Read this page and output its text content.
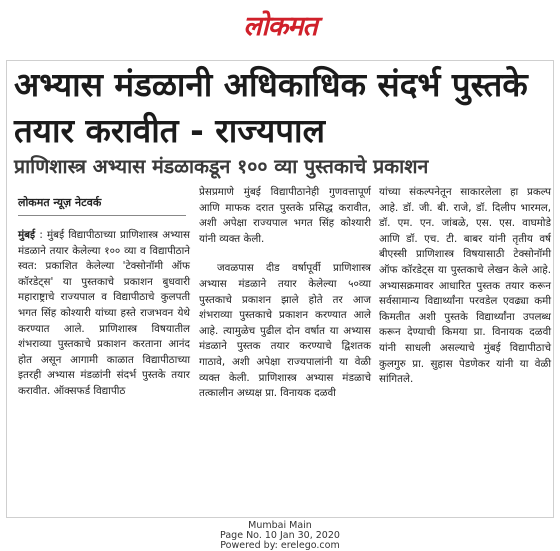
लोकमत
अभ्यास मंडळानी अधिकाधिक संदर्भ पुस्तके तयार करावीत - राज्यपाल
प्राणिशास्त्र अभ्यास मंडळाकडून १०० व्या पुस्तकाचे प्रकाशन
लोकमत न्यूज़ नेटवर्क

मुंबई : मुंबई विद्यापीठाच्या प्राणिशास्त्र अभ्यास मंडळाने तयार केलेल्या १०० व्या व विद्यापीठाने स्वत: प्रकाशित केलेल्या 'टेक्सोनॉमी ऑफ कॉरडेट्स' या पुस्तकाचे प्रकाशन बुधवारी महाराष्ट्राचे राज्यपाल व विद्यापीठाचे कुलपती भगत सिंह कोश्यारी यांच्या हस्ते राजभवन येथे करण्यात आले. प्राणिशास्त्र विषयातील शंभराव्या पुस्तकाचे प्रकाशन करताना आनंद होत असून आगामी काळात विद्यापीठाच्या इतरही अभ्यास मंडळांनी संदर्भ पुस्तके तयार करावीत. ऑक्सफर्ड विद्यापीठ

प्रेसप्रमाणे मुंबई विद्यापीठानेही गुणवत्तापूर्ण आणि माफक दरात पुस्तके प्रसिद्ध करावीत, अशी अपेक्षा राज्यपाल भगत सिंह कोश्यारी यांनी व्यक्त केली.

जवळपास दीड वर्षापूर्वी प्राणिशास्त्र अभ्यास मंडळाने तयार केलेल्या ५०व्या पुस्तकाचे प्रकाशन झाले होते तर आज शंभराव्या पुस्तकाचे प्रकाशन करण्यात आले आहे. त्यामुळेच पुढील दोन वर्षात या अभ्यास मंडळाने पुस्तक तयार करण्याचे द्विशतक गाठावे, अशी अपेक्षा राज्यपालांनी या वेळी व्यक्त केली. प्राणिशास्त्र अभ्यास मंडळाचे तत्कालीन अध्यक्ष प्रा. विनायक दळवी

यांच्या संकल्पनेतून साकारलेला हा प्रकल्प आहे. डॉ. जी. बी. राजे, डॉ. दिलीप भारमल, डॉ. एम. एन. जांबळे, एस. एस. वाघमोडे आणि डॉ. एच. टी. बाबर यांनी तृतीय वर्ष बीएस्सी प्राणिशास्त्र विषयासाठी टेक्सोनॉमी ऑफ कॉरडेट्स या पुस्तकाचे लेखन केले आहे. अभ्यासक्रमावर आधारित पुस्तक तयार करून सर्वसामान्य विद्यार्थ्यांना परवडेल एवढ्या कमी किमतीत अशी पुस्तके विद्यार्थ्यांना उपलब्ध करून देण्याची किमया प्रा. विनायक दळवी यांनी साधली असल्याचे मुंबई विद्यापीठाचे कुलगुरु प्रा. सुहास पेडणेकर यांनी या वेळी सांगितले.

Mumbai Main
Page No. 10 Jan 30, 2020
Powered by: erelego.com
